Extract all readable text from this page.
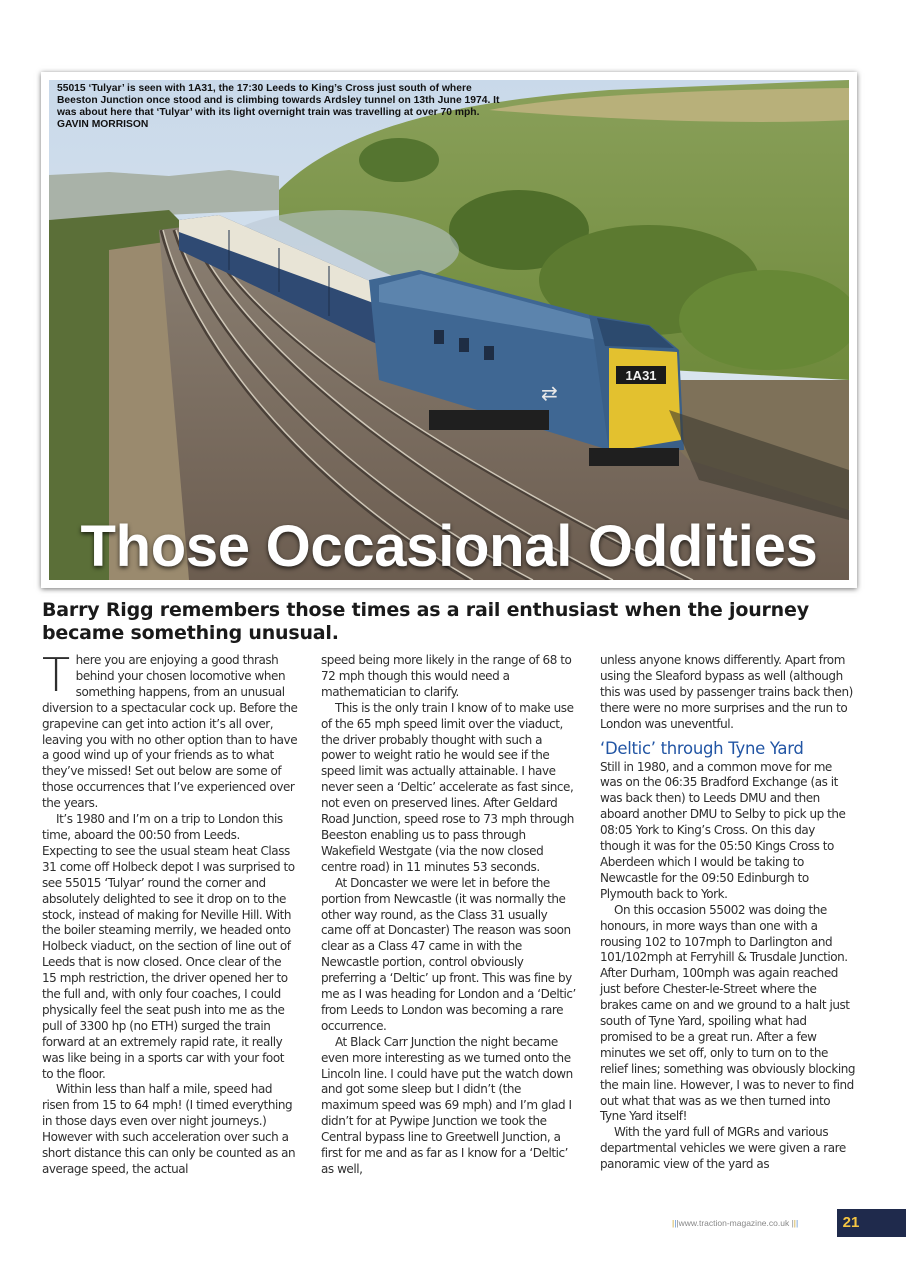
1A31
⇄
55015 ‘Tulyar’ is seen with 1A31, the 17:30 Leeds to King’s Cross just south of where Beeston Junction once stood and is climbing towards Ardsley tunnel on 13th June 1974. It was about here that ‘Tulyar’ with its light overnight train was travelling at over 70 mph. GAVIN MORRISON
Those Occasional Oddities
Barry Rigg remembers those times as a rail enthusiast when the journey became something unusual.

There you are enjoying a good thrash behind your chosen locomotive when something happens, from an unusual diversion to a spectacular cock up. Before the grapevine can get into action it’s all over, leaving you with no other option than to have a good wind up of your friends as to what they’ve missed! Set out below are some of those occurrences that I’ve experienced over the years.

It’s 1980 and I’m on a trip to London this time, aboard the 00:50 from Leeds. Expecting to see the usual steam heat Class 31 come off Holbeck depot I was surprised to see 55015 ‘Tulyar’ round the corner and absolutely delighted to see it drop on to the stock, instead of making for Neville Hill. With the boiler steaming merrily, we headed onto Holbeck viaduct, on the section of line out of Leeds that is now closed. Once clear of the 15 mph restriction, the driver opened her to the full and, with only four coaches, I could physically feel the seat push into me as the pull of 3300 hp (no ETH) surged the train forward at an extremely rapid rate, it really was like being in a sports car with your foot to the floor.

Within less than half a mile, speed had risen from 15 to 64 mph! (I timed everything in those days even over night journeys.) However with such acceleration over such a short distance this can only be counted as an average speed, the actual

speed being more likely in the range of 68 to 72 mph though this would need a mathematician to clarify.

This is the only train I know of to make use of the 65 mph speed limit over the viaduct, the driver probably thought with such a power to weight ratio he would see if the speed limit was actually attainable. I have never seen a ‘Deltic’ accelerate as fast since, not even on preserved lines. After Geldard Road Junction, speed rose to 73 mph through Beeston enabling us to pass through Wakefield Westgate (via the now closed centre road) in 11 minutes 53 seconds.

At Doncaster we were let in before the portion from Newcastle (it was normally the other way round, as the Class 31 usually came off at Doncaster) The reason was soon clear as a Class 47 came in with the Newcastle portion, control obviously preferring a ‘Deltic’ up front. This was fine by me as I was heading for London and a ‘Deltic’ from Leeds to London was becoming a rare occurrence.

At Black Carr Junction the night became even more interesting as we turned onto the Lincoln line. I could have put the watch down and got some sleep but I didn’t (the maximum speed was 69 mph) and I’m glad I didn’t for at Pywipe Junction we took the Central bypass line to Greetwell Junction, a first for me and as far as I know for a ‘Deltic’ as well,

unless anyone knows differently. Apart from using the Sleaford bypass as well (although this was used by passenger trains back then) there were no more surprises and the run to London was uneventful.

‘Deltic’ through Tyne Yard

Still in 1980, and a common move for me was on the 06:35 Bradford Exchange (as it was back then) to Leeds DMU and then aboard another DMU to Selby to pick up the 08:05 York to King’s Cross. On this day though it was for the 05:50 Kings Cross to Aberdeen which I would be taking to Newcastle for the 09:50 Edinburgh to Plymouth back to York.

On this occasion 55002 was doing the honours, in more ways than one with a rousing 102 to 107mph to Darlington and 101/102mph at Ferryhill & Trusdale Junction. After Durham, 100mph was again reached just before Chester-le-Street where the brakes came on and we ground to a halt just south of Tyne Yard, spoiling what had promised to be a great run. After a few minutes we set off, only to turn on to the relief lines; something was obviously blocking the main line. However, I was to never to find out what that was as we then turned into Tyne Yard itself!

With the yard full of MGRs and various departmental vehicles we were given a rare panoramic view of the yard as

|||www.traction-magazine.co.uk |||	21
